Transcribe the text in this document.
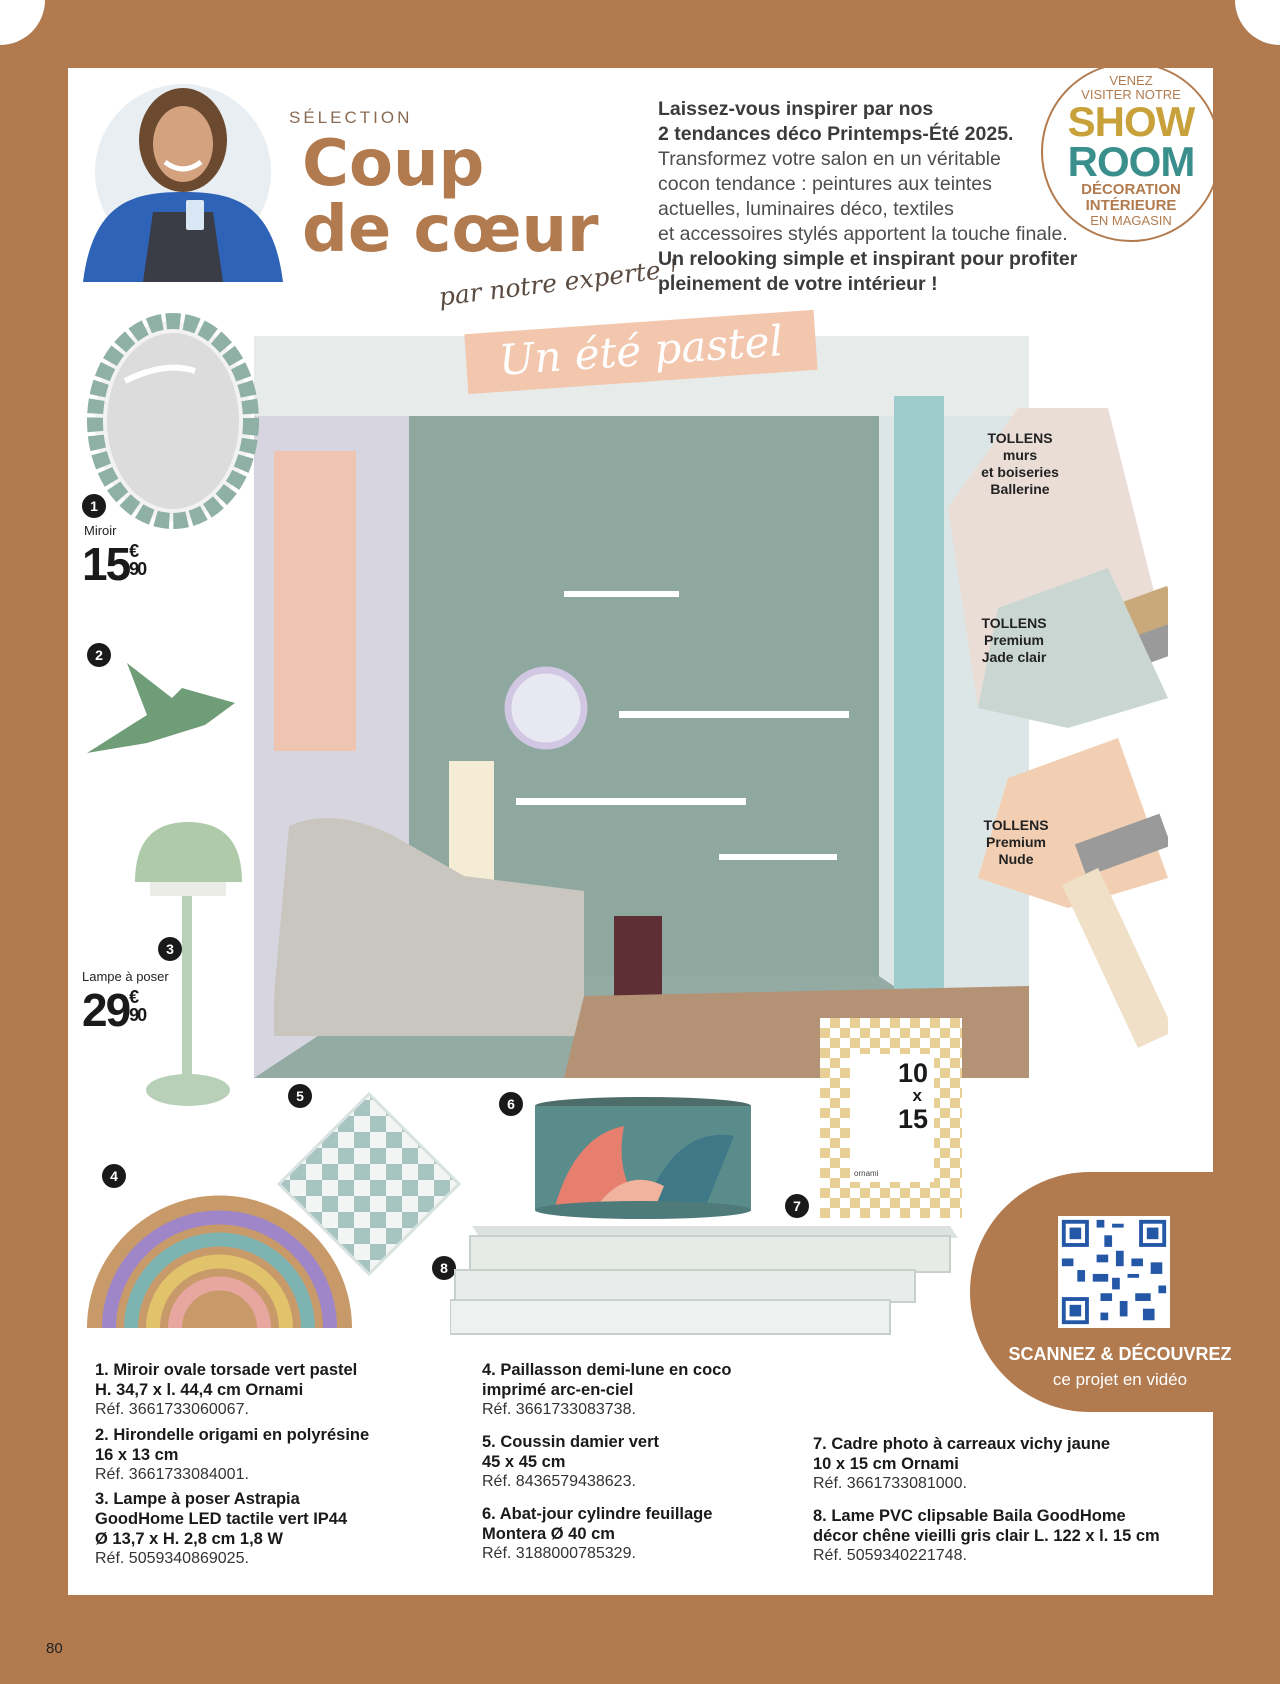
SÉLECTION
Coup
de cœur
par notre experte !
Laissez-vous inspirer par nos
2 tendances déco Printemps-Été 2025.
Transformez votre salon en un véritable
cocon tendance : peintures aux teintes
actuelles, luminaires déco, textiles
et accessoires stylés apportent la touche finale.
Un relooking simple et inspirant pour profiter
pleinement de votre intérieur !
VENEZ
VISITER NOTRE
SHOW
ROOM
DÉCORATION
INTÉRIEURE
EN MAGASIN
Un été pastel
1
Miroir
15€
90
2
3
Lampe à poser
29€
90
4
5	6
10
x
15
ornami
7
8
TOLLENS
murs
et boiseries
Ballerine
TOLLENS
Premium
Jade clair
TOLLENS
Premium
Nude
1. Miroir ovale torsade vert pastel
H. 34,7 x l. 44,4 cm Ornami
Réf. 3661733060067.
2. Hirondelle origami en polyrésine
16 x 13 cm
Réf. 3661733084001.
3. Lampe à poser Astrapia
GoodHome LED tactile vert IP44
Ø 13,7 x H. 2,8 cm 1,8 W
Réf. 5059340869025.
4. Paillasson demi-lune en coco
imprimé arc-en-ciel
Réf. 3661733083738.
5. Coussin damier vert
45 x 45 cm
Réf. 8436579438623.
6. Abat-jour cylindre feuillage
Montera Ø 40 cm
Réf. 3188000785329.
7. Cadre photo à carreaux vichy jaune
10 x 15 cm Ornami
Réf. 3661733081000.
8. Lame PVC clipsable Baila GoodHome
décor chêne vieilli gris clair L. 122 x l. 15 cm
Réf. 5059340221748.
SCANNEZ & DÉCOUVREZ
ce projet en vidéo
80
